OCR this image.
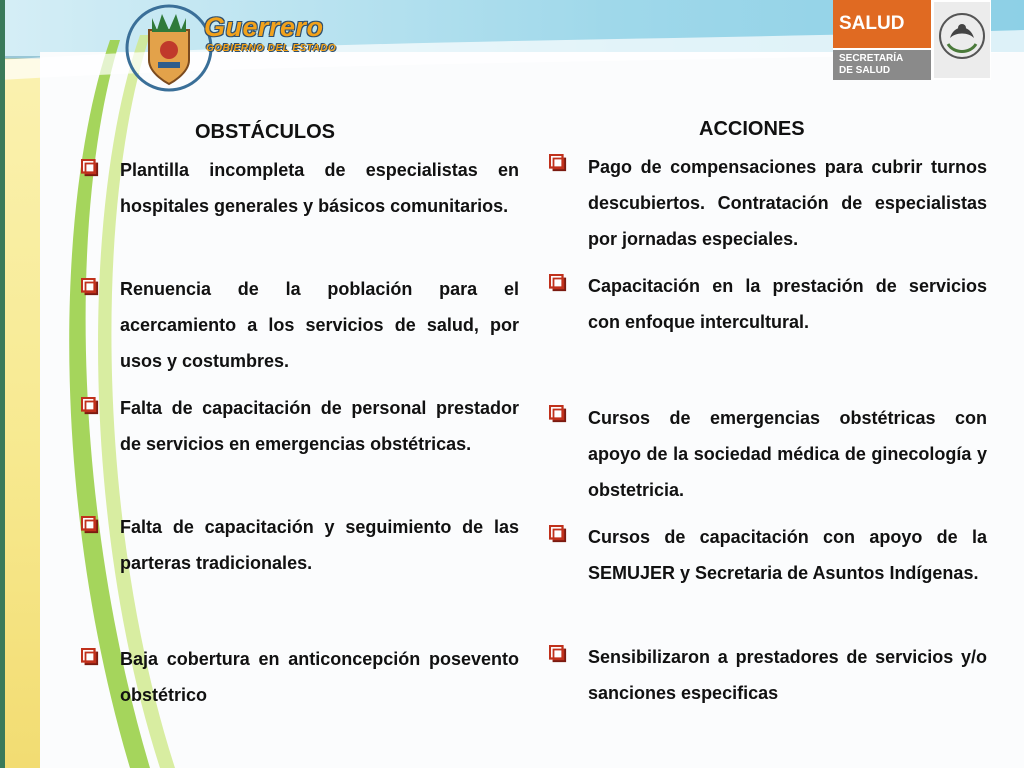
Guerrero
GOBIERNO DEL ESTADO
SALUD
SECRETARÍA
DE SALUD
OBSTÁCULOS	ACCIONES
Plantilla incompleta de especialistas en hospitales generales y básicos comunitarios.
Renuencia de la población para el acercamiento a los servicios de salud, por usos y costumbres.
Falta de capacitación de personal prestador de servicios en emergencias obstétricas.
Falta de capacitación y seguimiento de las parteras tradicionales.
Baja cobertura en anticoncepción posevento obstétrico
Pago de compensaciones para cubrir turnos descubiertos. Contratación de especialistas por jornadas especiales.
Capacitación en la prestación de servicios con enfoque intercultural.
Cursos de emergencias obstétricas con apoyo de la sociedad médica de ginecología y obstetricia.
Cursos de capacitación con apoyo de la SEMUJER y Secretaria de Asuntos Indígenas.
Sensibilizaron a prestadores de servicios y/o sanciones especificas
